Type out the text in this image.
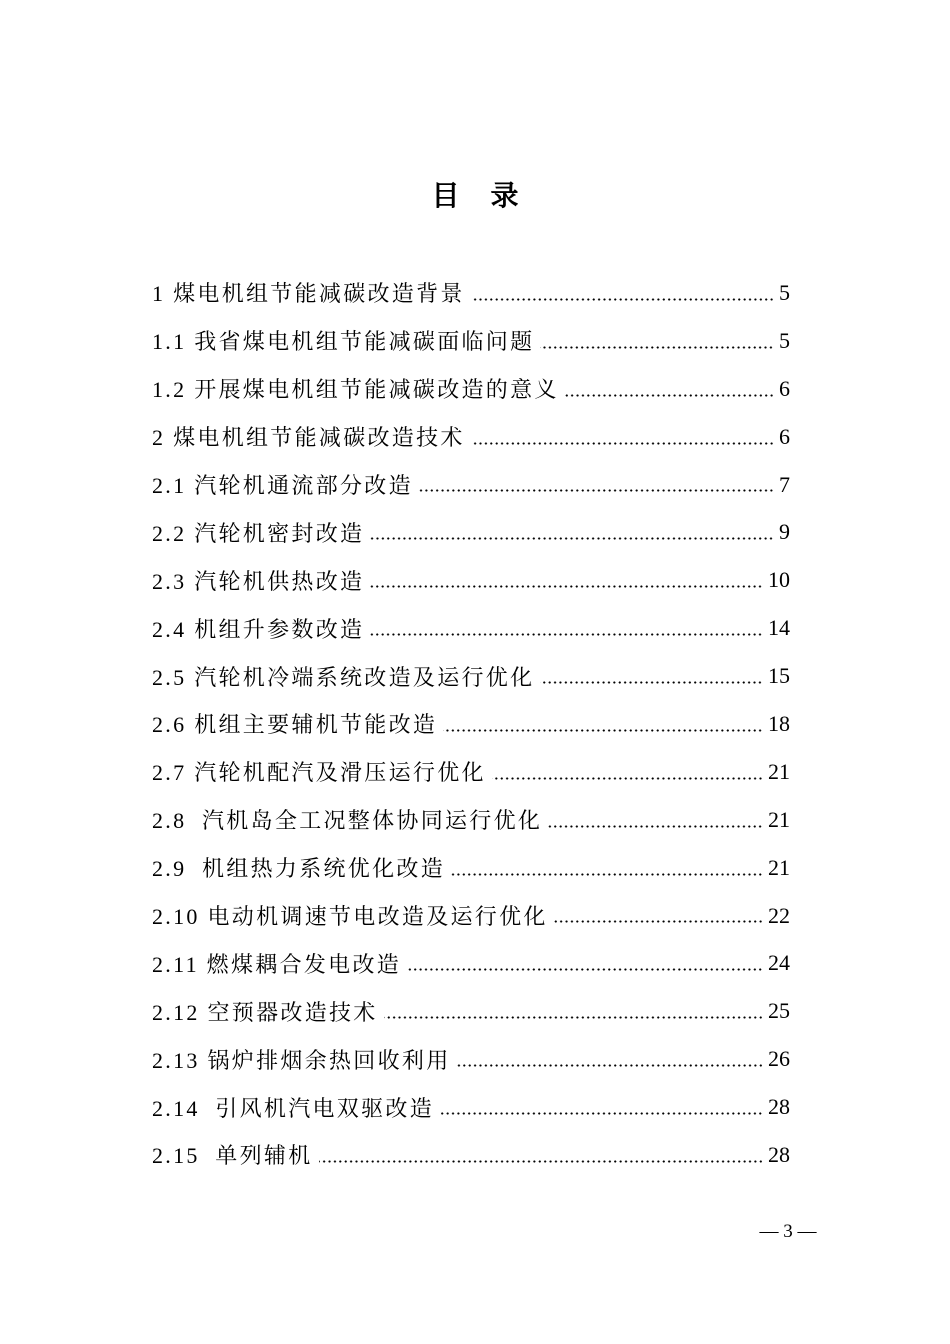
目 录
1 煤电机组节能减碳改造背景	5
1.1 我省煤电机组节能减碳面临问题	5
1.2 开展煤电机组节能减碳改造的意义	6
2 煤电机组节能减碳改造技术	6
2.1 汽轮机通流部分改造	7
2.2 汽轮机密封改造	9
2.3 汽轮机供热改造	10
2.4 机组升参数改造	14
2.5 汽轮机冷端系统改造及运行优化	15
2.6 机组主要辅机节能改造	18
2.7 汽轮机配汽及滑压运行优化	21
2.8  汽机岛全工况整体协同运行优化	21
2.9  机组热力系统优化改造	21
2.10 电动机调速节电改造及运行优化	22
2.11 燃煤耦合发电改造	24
2.12 空预器改造技术	25
2.13 锅炉排烟余热回收利用	26
2.14  引风机汽电双驱改造	28
2.15  单列辅机	28
— 3 —
